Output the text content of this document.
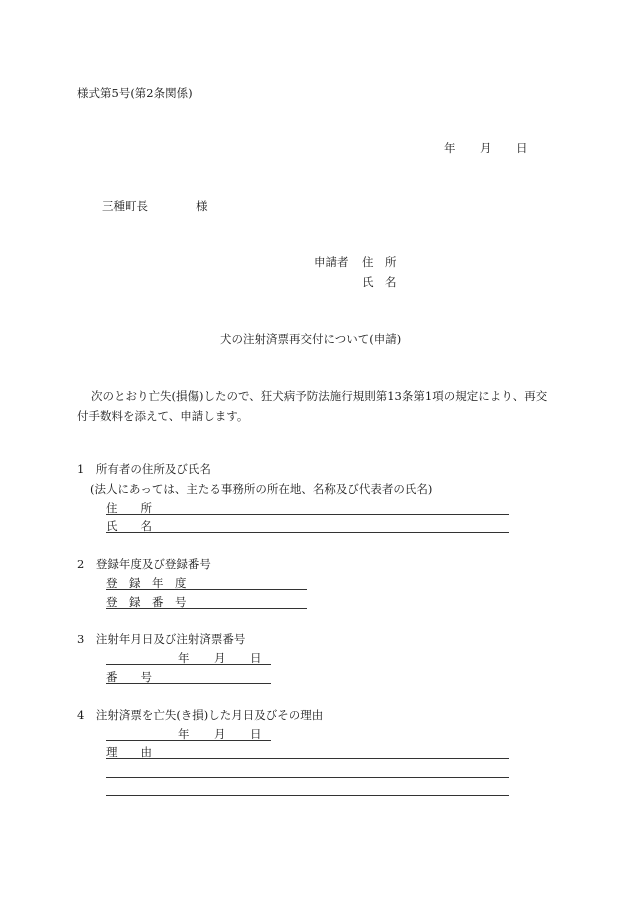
様式第5号(第2条関係)
年 月 日
三種町長	様
申請者 住　所
氏　名
犬の注射済票再交付について(申請)
次のとおり亡失(損傷)したので、狂犬病予防法施行規則第13条第1項の規定により、再交付手数料を添えて、申請します。
1　所有者の住所及び氏名
(法人にあっては、主たる事務所の所在地、名称及び代表者の氏名)
住　　所
氏　　名
2　登録年度及び登録番号
登　録　年　度
登　録　番　号
3　注射年月日及び注射済票番号
年 月 日
番　　号
4　注射済票を亡失(き損)した月日及びその理由
年 月 日
理　　由
